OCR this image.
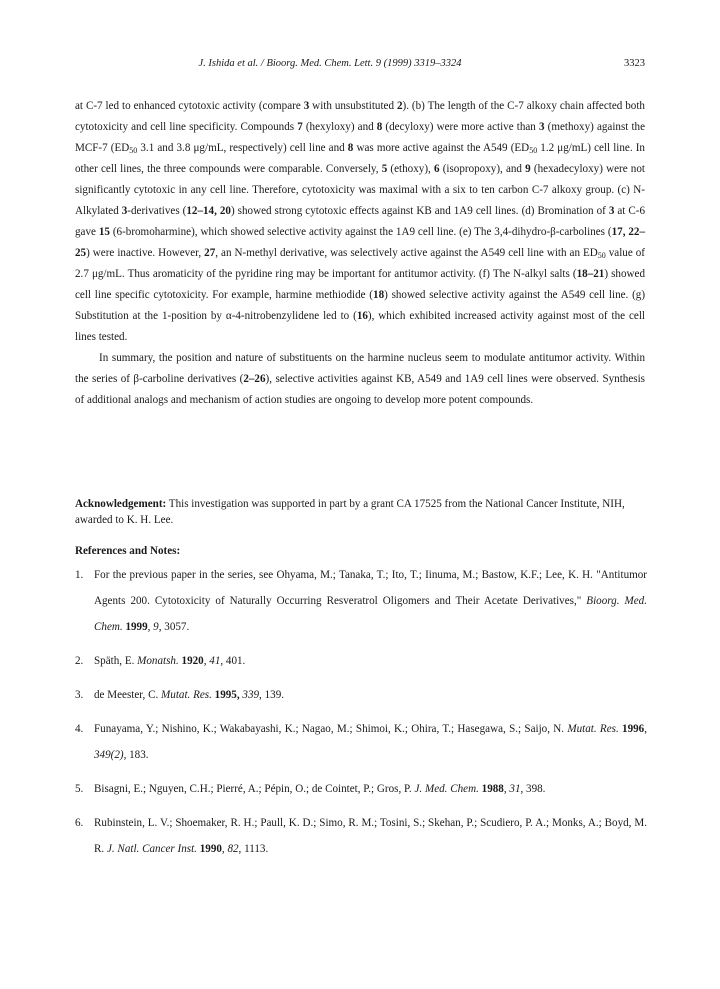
J. Ishida et al. / Bioorg. Med. Chem. Lett. 9 (1999) 3319–3324	3323

at C-7 led to enhanced cytotoxic activity (compare 3 with unsubstituted 2). (b) The length of the C-7 alkoxy chain affected both cytotoxicity and cell line specificity. Compounds 7 (hexyloxy) and 8 (decyloxy) were more active than 3 (methoxy) against the MCF-7 ($ED_{50}$ 3.1 and 3.8 μg/mL, respectively) cell line and 8 was more active against the A549 ($ED_{50}$ 1.2 μg/mL) cell line. In other cell lines, the three compounds were comparable. Conversely, 5 (ethoxy), 6 (isopropoxy), and 9 (hexadecyloxy) were not significantly cytotoxic in any cell line. Therefore, cytotoxicity was maximal with a six to ten carbon C-7 alkoxy group. (c) N-Alkylated 3-derivatives (12–14, 20) showed strong cytotoxic effects against KB and 1A9 cell lines. (d) Bromination of 3 at C-6 gave 15 (6-bromoharmine), which showed selective activity against the 1A9 cell line. (e) The 3,4-dihydro-β-carbolines (17, 22–25) were inactive. However, 27, an N-methyl derivative, was selectively active against the A549 cell line with an $ED_{50}$ value of 2.7 μg/mL. Thus aromaticity of the pyridine ring may be important for antitumor activity. (f) The N-alkyl salts (18–21) showed cell line specific cytotoxicity. For example, harmine methiodide (18) showed selective activity against the A549 cell line. (g) Substitution at the 1-position by α-4-nitrobenzylidene led to (16), which exhibited increased activity against most of the cell lines tested.

In summary, the position and nature of substituents on the harmine nucleus seem to modulate antitumor activity. Within the series of β-carboline derivatives (2–26), selective activities against KB, A549 and 1A9 cell lines were observed. Synthesis of additional analogs and mechanism of action studies are ongoing to develop more potent compounds.

Acknowledgement: This investigation was supported in part by a grant CA 17525 from the National Cancer Institute, NIH, awarded to K. H. Lee.
References and Notes:
1. For the previous paper in the series, see Ohyama, M.; Tanaka, T.; Ito, T.; Iinuma, M.; Bastow, K.F.; Lee, K. H. "Antitumor Agents 200. Cytotoxicity of Naturally Occurring Resveratrol Oligomers and Their Acetate Derivatives," Bioorg. Med. Chem. 1999, 9, 3057.
2. Späth, E. Monatsh. 1920, 41, 401.
3. de Meester, C. Mutat. Res. 1995, 339, 139.
4. Funayama, Y.; Nishino, K.; Wakabayashi, K.; Nagao, M.; Shimoi, K.; Ohira, T.; Hasegawa, S.; Saijo, N. Mutat. Res. 1996, 349(2), 183.
5. Bisagni, E.; Nguyen, C.H.; Pierré, A.; Pépin, O.; de Cointet, P.; Gros, P. J. Med. Chem. 1988, 31, 398.
6. Rubinstein, L. V.; Shoemaker, R. H.; Paull, K. D.; Simo, R. M.; Tosini, S.; Skehan, P.; Scudiero, P. A.; Monks, A.; Boyd, M. R. J. Natl. Cancer Inst. 1990, 82, 1113.
